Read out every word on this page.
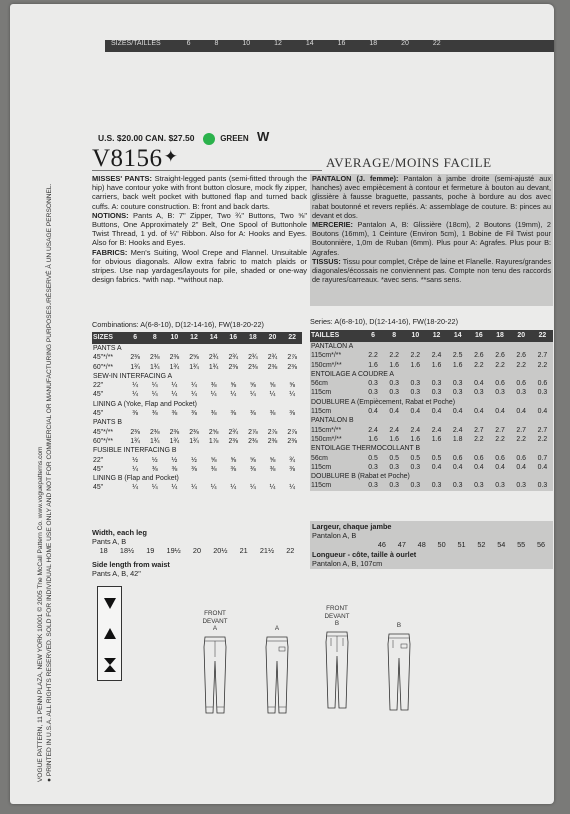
SIZES/TAILLES	6	8	10	12	14	16	18	20	22
U.S. $20.00 CAN. $27.50	GREEN W
V8156✦	AVERAGE/MOINS FACILE
VOGUE PATTERN, 11 PENN PLAZA, NEW YORK 10001 © 2005 The McCall Pattern Co. www.voguepatterns.com ● PRINTED IN U.S.A. ALL RIGHTS RESERVED. SOLD FOR INDIVIDUAL HOME USE ONLY AND NOT FOR COMMERCIAL OR MANUFACTURING PURPOSES./RÉSERVÉ À UN USAGE PERSONNEL.

MISSES' PANTS: Straight-legged pants (semi-fitted through the hip) have contour yoke with front button closure, mock fly zipper, carriers, back welt pocket with buttoned flap and turned back cuffs. A: couture construction. B: front and back darts.

NOTIONS: Pants A, B: 7" Zipper, Two ¾" Buttons, Two ⅝" Buttons, One Approximately 2" Belt, One Spool of Buttonhole Twist Thread, 1 yd. of ¼" Ribbon. Also for A: Hooks and Eyes. Also for B: Hooks and Eyes.

FABRICS: Men's Suiting, Wool Crepe and Flannel. Unsuitable for obvious diagonals. Allow extra fabric to match plaids or stripes. Use nap yardages/layouts for pile, shaded or one-way design fabrics. *with nap. **without nap.

PANTALON (J. femme): Pantalon à jambe droite (semi-ajusté aux hanches) avec empiècement à contour et fermeture à bouton au devant, glissière à fausse braguette, passants, poche à bordure au dos avec rabat boutonné et revers repliés. A: assemblage de couture. B: pinces au devant et dos.

MERCERIE: Pantalon A, B: Glissière (18cm), 2 Boutons (19mm), 2 Boutons (16mm), 1 Ceinture (Environ 5cm), 1 Bobine de Fil Twist pour Boutonnière, 1,0m de Ruban (6mm). Plus pour A: Agrafes. Plus pour B: Agrafes.

TISSUS: Tissu pour complet, Crêpe de laine et Flanelle. Rayures/grandes diagonales/écossais ne conviennent pas. Compte non tenu des raccords de rayures/carreaux. *avec sens. **sans sens.

Combinations: A(6-8-10), D(12-14-16), FW(18-20-22)	Series: A(6-8-10), D(12-14-16), FW(18-20-22)
SIZES	6	8	10	12	14	16	18	20	22
PANTS A									
45"*/**	2⅜	2⅜	2⅜	2⅝	2¾	2¾	2¾	2¾	2⅞
60"*/**	1¾	1¾	1¾	1¾	1¾	2⅜	2⅜	2⅜	2⅜
SEW-IN INTERFACING A									
22"	¼	¼	¼	¼	⅜	⅝	⅝	⅝	⅝
45"	¼	¼	¼	¼	¼	¼	¼	¼	¼
LINING A (Yoke, Flap and Pocket)									
45"	⅜	⅜	⅜	⅜	⅜	⅜	⅜	⅜	⅜
PANTS B									
45"*/**	2⅜	2⅜	2⅜	2⅜	2⅝	2¾	2⅞	2⅞	2⅞
60"*/**	1¾	1¾	1¾	1¾	1⅞	2⅜	2⅜	2⅜	2⅜
FUSIBLE INTERFACING B									
22"	½	½	½	½	⅝	⅝	⅝	⅝	¾
45"	¼	⅜	⅜	⅜	⅜	⅜	⅜	⅜	⅜
LINING B (Flap and Pocket)									
45"	¼	¼	¼	¼	¼	¼	¼	¼	¼
TAILLES	6	8	10	12	14	16	18	20	22
PANTALON A									
115cm*/**	2.2	2.2	2.2	2.4	2.5	2.6	2.6	2.6	2.7
150cm*/**	1.6	1.6	1.6	1.6	1.6	2.2	2.2	2.2	2.2
ENTOILAGE A COUDRE A									
56cm	0.3	0.3	0.3	0.3	0.3	0.4	0.6	0.6	0.6
115cm	0.3	0.3	0.3	0.3	0.3	0.3	0.3	0.3	0.3
DOUBLURE A (Empiècement, Rabat et Poche)									
115cm	0.4	0.4	0.4	0.4	0.4	0.4	0.4	0.4	0.4
PANTALON B									
115cm*/**	2.4	2.4	2.4	2.4	2.4	2.7	2.7	2.7	2.7
150cm*/**	1.6	1.6	1.6	1.6	1.8	2.2	2.2	2.2	2.2
ENTOILAGE THERMOCOLLANT B									
56cm	0.5	0.5	0.5	0.5	0.6	0.6	0.6	0.6	0.7
115cm	0.3	0.3	0.3	0.4	0.4	0.4	0.4	0.4	0.4
DOUBLURE B (Rabat et Poche)									
115cm	0.3	0.3	0.3	0.3	0.3	0.3	0.3	0.3	0.3
Width, each leg
Pants A, B
18	18½	19	19½	20	20½	21	21½	22
Largeur, chaque jambe
Pantalon A, B
46	47	48	50	51	52	54	55	56
Side length from waist
Pants A, B, 42"
Longueur - côte, taille à ourlet
Pantalon A, B, 107cm
FRONT
DEVANT
A	A
FRONT
DEVANT
B	B
